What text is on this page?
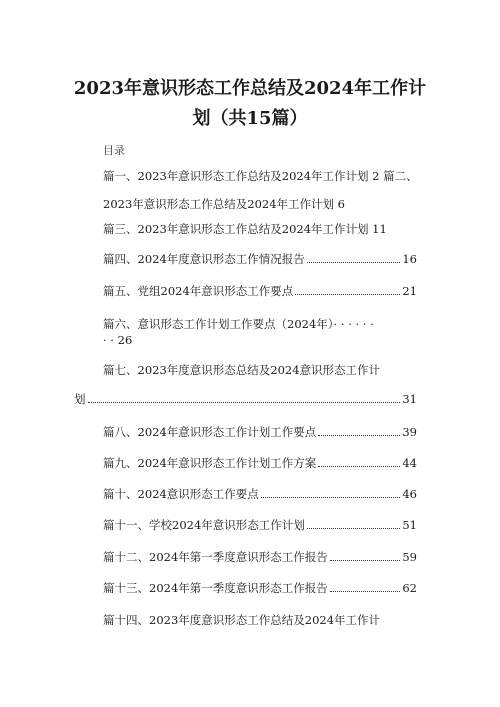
2023年意识形态工作总结及2024年工作计
划（共15篇）
目录
篇一、2023年意识形态工作总结及2024年工作计划 2 篇二、
2023年意识形态工作总结及2024年工作计划 6
篇三、2023年意识形态工作总结及2024年工作计划 11
篇四、2024年度意识形态工作情况报告	16
篇五、党组2024年意识形态工作要点	21
篇六、意识形态工作计划工作要点（2024年）· · · · · ·
· · 26
篇七、2023年度意识形态总结及2024意识形态工作计
划	31
篇八、2024年意识形态工作计划工作要点	39
篇九、2024年意识形态工作计划工作方案	44
篇十、2024意识形态工作要点	46
篇十一、学校2024年意识形态工作计划	51
篇十二、2024年第一季度意识形态工作报告	59
篇十三、2024年第一季度意识形态工作报告	62
篇十四、2023年度意识形态工作总结及2024年工作计
